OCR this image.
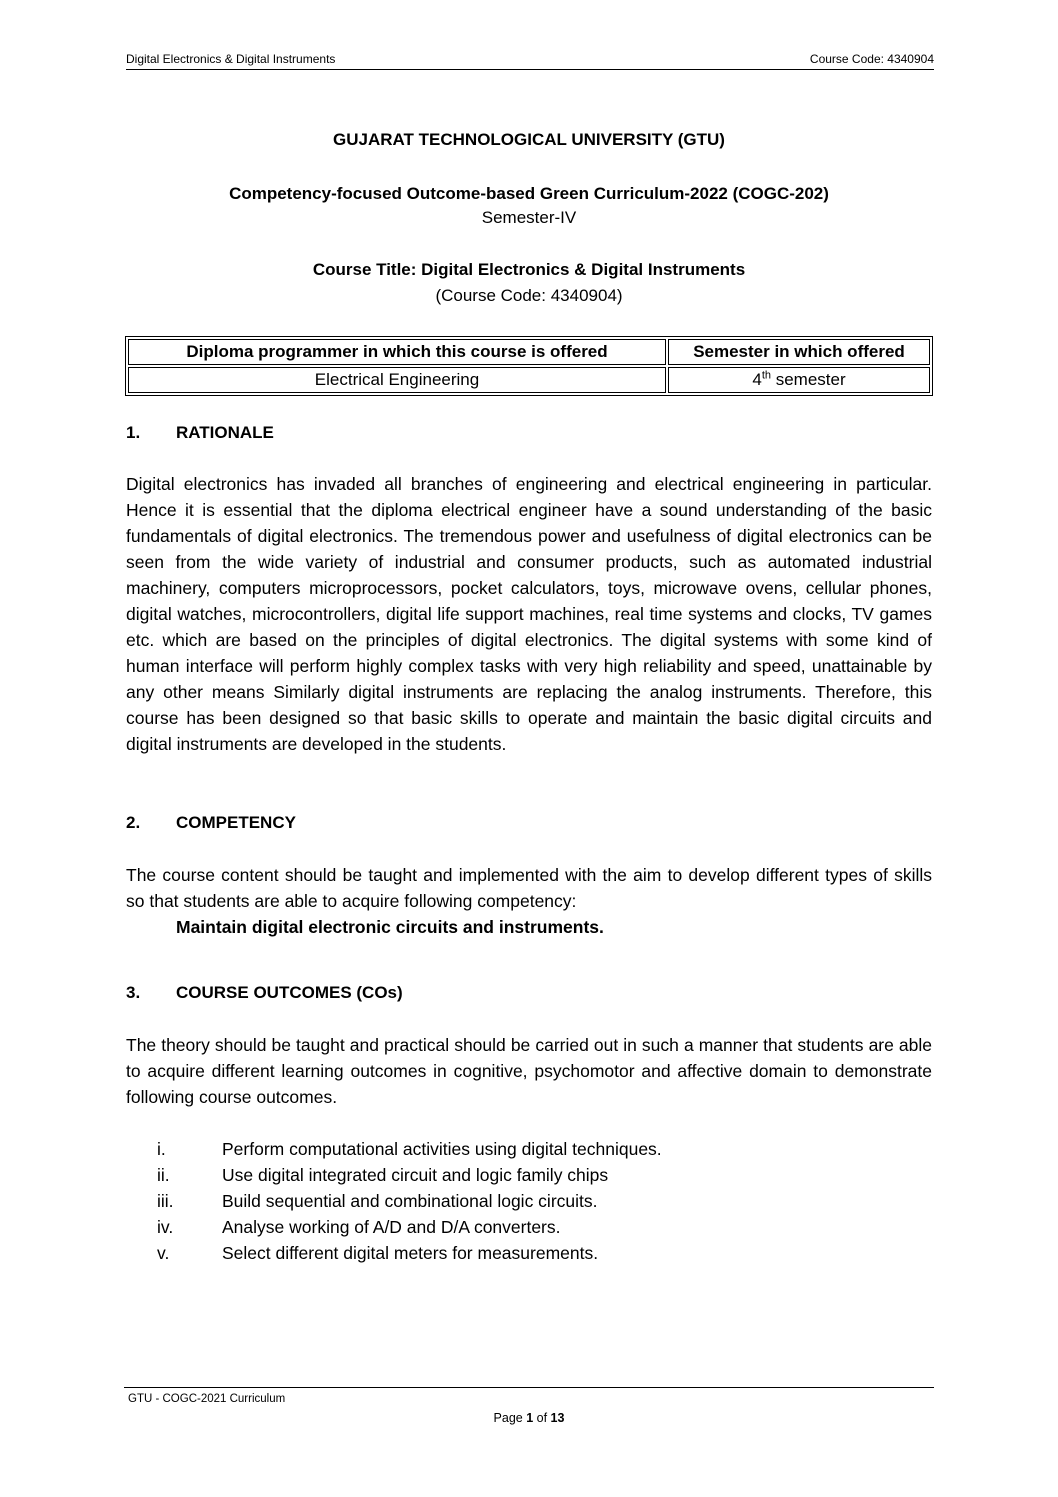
Digital Electronics & Digital Instruments	Course Code: 4340904
GUJARAT TECHNOLOGICAL UNIVERSITY (GTU)
Competency-focused Outcome-based Green Curriculum-2022 (COGC-202)
Semester-IV
Course Title: Digital Electronics & Digital Instruments
(Course Code: 4340904)
Diploma programmer in which this course is offered	Semester in which offered
Electrical Engineering	4th semester
1. RATIONALE
Digital electronics has invaded all branches of engineering and electrical engineering in particular. Hence it is essential that the diploma electrical engineer have a sound understanding of the basic fundamentals of digital electronics. The tremendous power and usefulness of digital electronics can be seen from the wide variety of industrial and consumer products, such as automated industrial machinery, computers microprocessors, pocket calculators, toys, microwave ovens, cellular phones, digital watches, microcontrollers, digital life support machines, real time systems and clocks, TV games etc. which are based on the principles of digital electronics. The digital systems with some kind of human interface will perform highly complex tasks with very high reliability and speed, unattainable by any other means Similarly digital instruments are replacing the analog instruments. Therefore, this course has been designed so that basic skills to operate and maintain the basic digital circuits and digital instruments are developed in the students.
2. COMPETENCY
The course content should be taught and implemented with the aim to develop different types of skills so that students are able to acquire following competency:
Maintain digital electronic circuits and instruments.
3. COURSE OUTCOMES (COs)
The theory should be taught and practical should be carried out in such a manner that students are able to acquire different learning outcomes in cognitive, psychomotor and affective domain to demonstrate following course outcomes.
i.	Perform computational activities using digital techniques.
ii.	Use digital integrated circuit and logic family chips
iii.	Build sequential and combinational logic circuits.
iv.	Analyse working of A/D and D/A converters.
v.	Select different digital meters for measurements.
GTU - COGC-2021 Curriculum
Page 1 of 13
